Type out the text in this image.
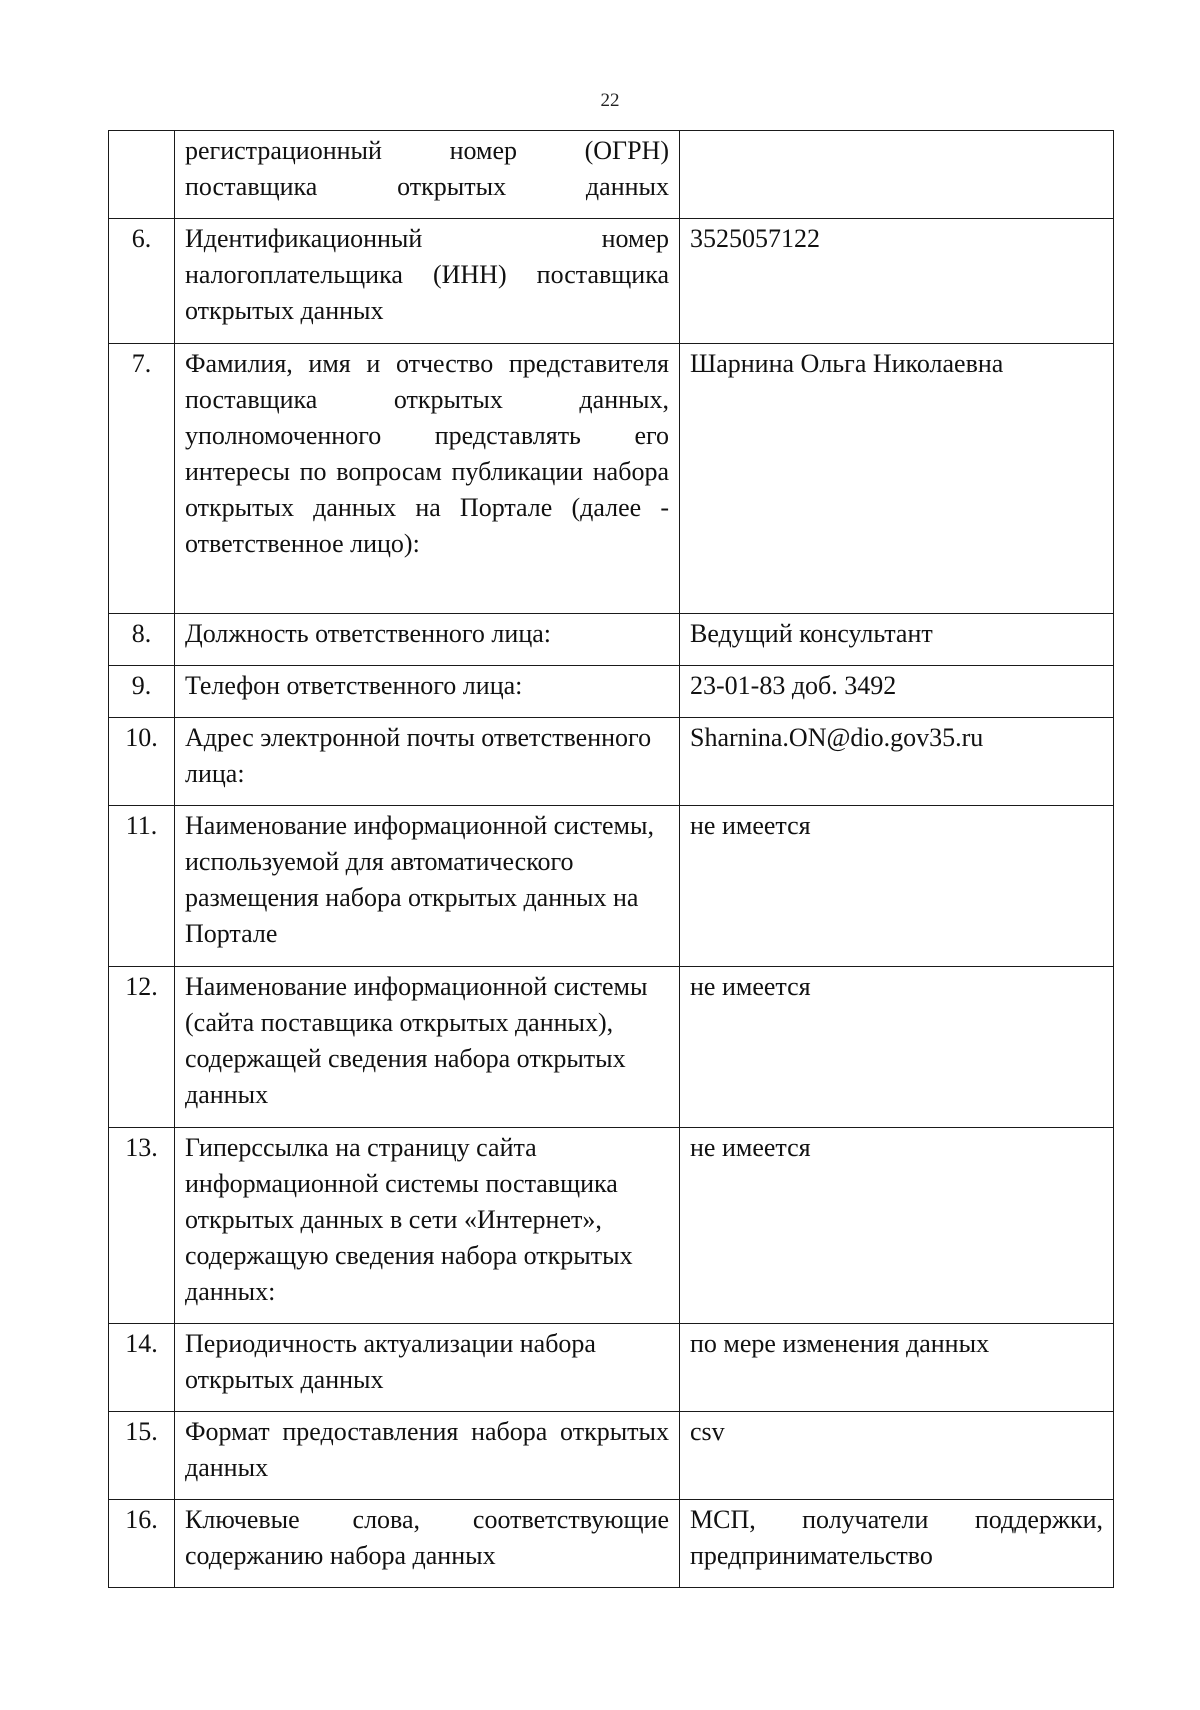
22
	регистрационный номер (ОГРН) поставщика открытых данных	
6.	Идентификационный номер налогоплательщика (ИНН) поставщика открытых данных	3525057122
7.	Фамилия, имя и отчество представителя поставщика открытых данных, уполномоченного представлять его интересы по вопросам публикации набора открытых данных на Портале (далее - ответственное лицо):	Шарнина Ольга Николаевна
8.	Должность ответственного лица:	Ведущий консультант
9.	Телефон ответственного лица:	23-01-83 доб. 3492
10.	Адрес электронной почты ответственного лица:	Sharnina.ON@dio.gov35.ru
11.	Наименование информационной системы, используемой для автоматического размещения набора открытых данных на Портале	не имеется
12.	Наименование информационной системы (сайта поставщика открытых данных), содержащей сведения набора открытых данных	не имеется
13.	Гиперссылка на страницу сайта информационной системы поставщика открытых данных в сети «Интернет», содержащую сведения набора открытых данных:	не имеется
14.	Периодичность актуализации набора открытых данных	по мере изменения данных
15.	Формат предоставления набора открытых данных	csv
16.	Ключевые слова, соответствующие содержанию набора данных	МСП, получатели поддержки, предпринимательство
